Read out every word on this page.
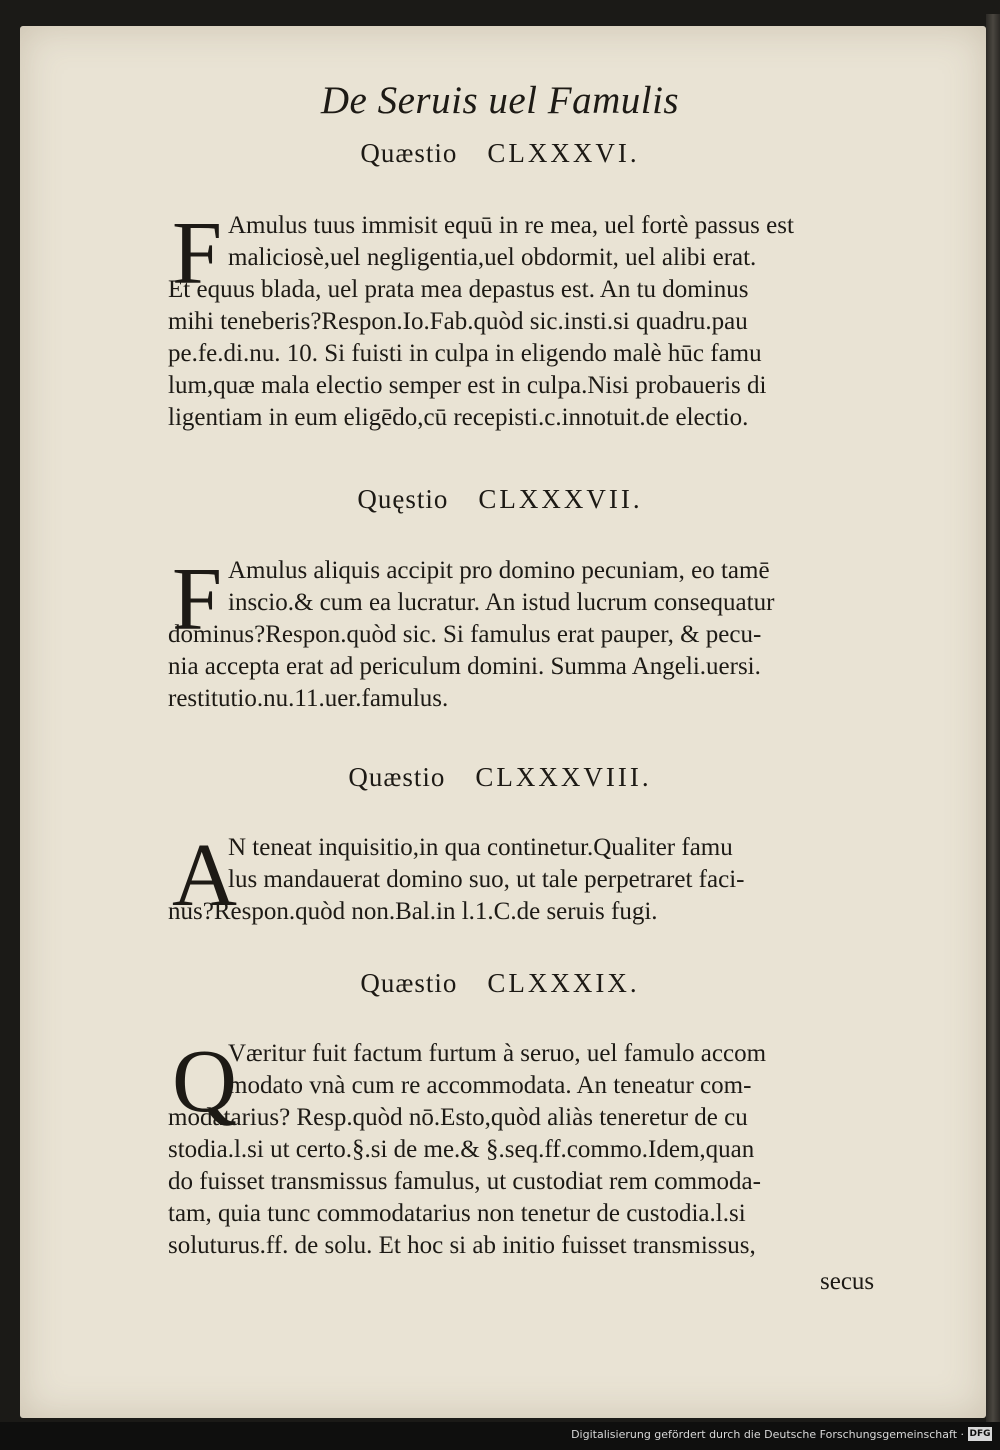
De Seruis uel Famulis
Quæstio CLXXXVI.
F Amulus tuus immisit equū in re mea, uel fortè passus est
maliciosè,uel negligentia,uel obdormit, uel alibi erat.
Et equus blada, uel prata mea depastus est. An tu dominus
mihi teneberis?Respon.Io.Fab.quòd sic.insti.si quadru.pau
pe.fe.di.nu. 10. Si fuisti in culpa in eligendo malè hūc famu
lum,quæ mala electio semper est in culpa.Nisi probaueris di
ligentiam in eum eligēdo,cū recepisti.c.innotuit.de electio.
Quęstio CLXXXVII.
F Amulus aliquis accipit pro domino pecuniam, eo tamē
inscio.& cum ea lucratur. An istud lucrum consequatur
dominus?Respon.quòd sic. Si famulus erat pauper, & pecu-
nia accepta erat ad periculum domini. Summa Angeli.uersi.
restitutio.nu.11.uer.famulus.
Quæstio CLXXXVIII.
A
N teneat inquisitio,in qua continetur.Qualiter famu
lus mandauerat domino suo, ut tale perpetraret faci-
nus?Respon.quòd non.Bal.in l.1.C.de seruis fugi.
Quæstio CLXXXIX.
Q
Væritur fuit factum furtum à seruo, uel famulo accom
modato vnà cum re accommodata. An teneatur com-
modatarius? Resp.quòd nō.Esto,quòd aliàs teneretur de cu
stodia.l.si ut certo.§.si de me.& §.seq.ff.commo.Idem,quan
do fuisset transmissus famulus, ut custodiat rem commoda-
tam, quia tunc commodatarius non tenetur de custodia.l.si
soluturus.ff. de solu. Et hoc si ab initio fuisset transmissus,
secus
Digitalisierung gefördert durch die Deutsche Forschungsgemeinschaft · DFG
